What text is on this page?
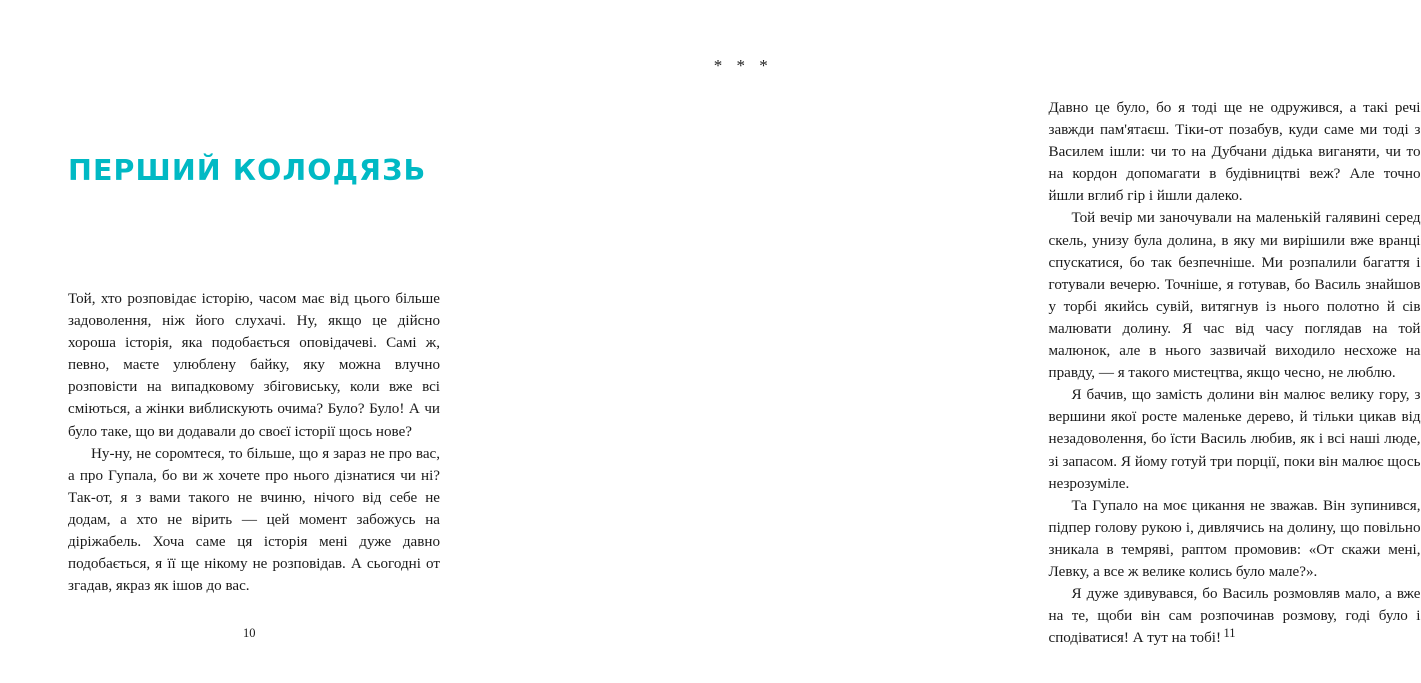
ПЕРШИЙ КОЛОДЯЗЬ

Той, хто розповідає історію, часом має від цього більше задоволення, ніж його слухачі. Ну, якщо це дійсно хороша історія, яка подобається оповідачеві. Самі ж, певно, маєте улюблену байку, яку можна влучно розповісти на випадковому збіговиську, коли вже всі сміються, а жінки виблискують очима? Було? Було! А чи було таке, що ви додавали до своєї історії щось нове?

Ну-ну, не соромтеся, то більше, що я зараз не про вас, а про Гупала, бо ви ж хочете про нього дізнатися чи ні? Так-от, я з вами такого не вчиню, нічого від себе не додам, а хто не вірить — цей момент забожусь на діріжабель. Хоча саме ця історія мені дуже давно подобається, я її ще нікому не розповідав. А сьогодні от згадав, якраз як ішов до вас.

10
* * *

Давно це було, бо я тоді ще не одружився, а такі речі завжди пам'ятаєш. Тіки-от позабув, куди саме ми тоді з Василем ішли: чи то на Дубчани дідька виганяти, чи то на кордон допомагати в будівництві веж? Але точно йшли вглиб гір і йшли далеко.

Той вечір ми заночували на маленькій галявині серед скель, унизу була долина, в яку ми вирішили вже вранці спускатися, бо так безпечніше. Ми розпалили багаття і готували вечерю. Точніше, я готував, бо Василь знайшов у торбі якийсь сувій, витягнув із нього полотно й сів малювати долину. Я час від часу поглядав на той малюнок, але в нього зазвичай виходило несхоже на правду, — я такого мистецтва, якщо чесно, не люблю.

Я бачив, що замість долини він малює велику гору, з вершини якої росте маленьке дерево, й тільки цикав від незадоволення, бо їсти Василь любив, як і всі наші люде, зі запасом. Я йому готуй три порції, поки він малює щось незрозуміле.

Та Гупало на моє цикання не зважав. Він зупинився, підпер голову рукою і, дивлячись на долину, що повільно зникала в темряві, раптом промовив: «От скажи мені, Левку, а все ж велике колись було мале?».

Я дуже здивувався, бо Василь розмовляв мало, а вже на те, щоби він сам розпочинав розмову, годі було і сподіватися! А тут на тобі! 11
